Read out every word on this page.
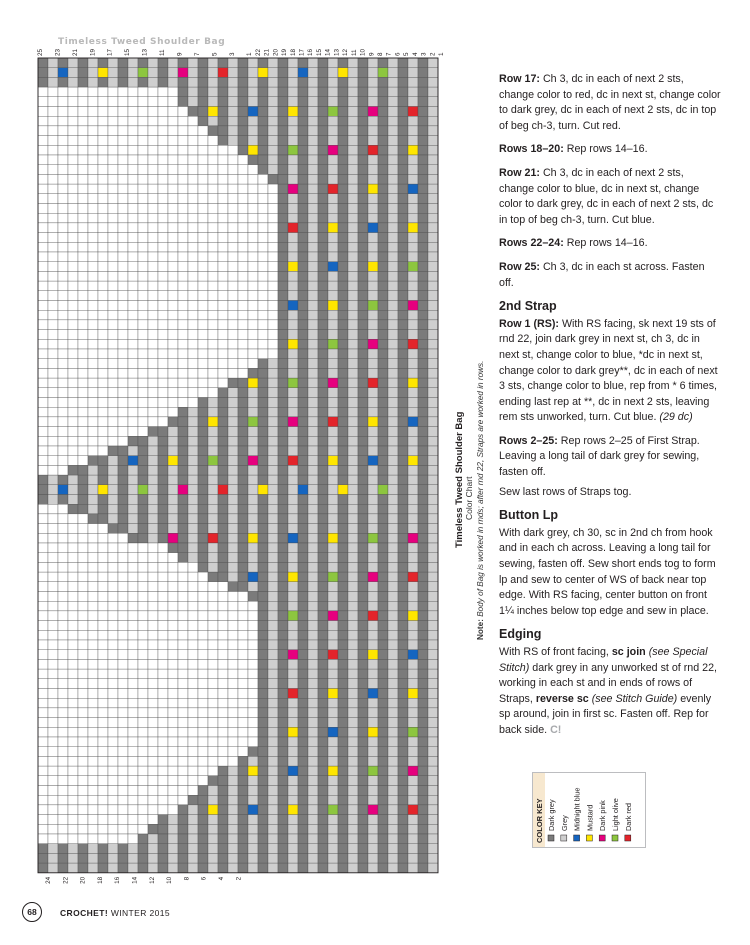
Timeless Tweed Shoulder Bag
25 23 21 19 17 15 13 11 9 7 5 3 1 22 21 20 19 18 17 16 15 14 13 12 11 10 9 8 7 6 5 4 3 2 1
24 22 20 18 16 14 12 10 8 6 4 2
Timeless Tweed Shoulder Bag Color Chart
Note: Body of Bag is worked in rnds; after rnd 22, Straps are worked in rows.

Row 17: Ch 3, dc in each of next 2 sts, change color to red, dc in next st, change color to dark grey, dc in each of next 2 sts, dc in top of beg ch-3, turn. Cut red.

Rows 18–20: Rep rows 14–16.

Row 21: Ch 3, dc in each of next 2 sts, change color to blue, dc in next st, change color to dark grey, dc in each of next 2 sts, dc in top of beg ch-3, turn. Cut blue.

Rows 22–24: Rep rows 14–16.

Row 25: Ch 3, dc in each st across. Fasten off.

2nd Strap

Row 1 (RS): With RS facing, sk next 19 sts of rnd 22, join dark grey in next st, ch 3, dc in next st, change color to blue, *dc in next st, change color to dark grey**, dc in each of next 3 sts, change color to blue, rep from * 6 times, ending last rep at **, dc in next 2 sts, leaving rem sts unworked, turn. Cut blue. (29 dc)

Rows 2–25: Rep rows 2–25 of First Strap. Leaving a long tail of dark grey for sewing, fasten off.

Sew last rows of Straps tog.

Button Lp

With dark grey, ch 30, sc in 2nd ch from hook and in each ch across. Leaving a long tail for sewing, fasten off. Sew short ends tog to form lp and sew to center of WS of back near top edge. With RS facing, center button on front 1¼ inches below top edge and sew in place.

Edging

With RS of front facing, sc join (see Special Stitch) dark grey in any unworked st of rnd 22, working in each st and in ends of rows of Straps, reverse sc (see Stitch Guide) evenly sp around, join in first sc. Fasten off. Rep for back side. C!

COLOR KEY Dark grey Grey Midnight blue Mustard Dark pink Light olive Dark red
68	CROCHET! WINTER 2015
